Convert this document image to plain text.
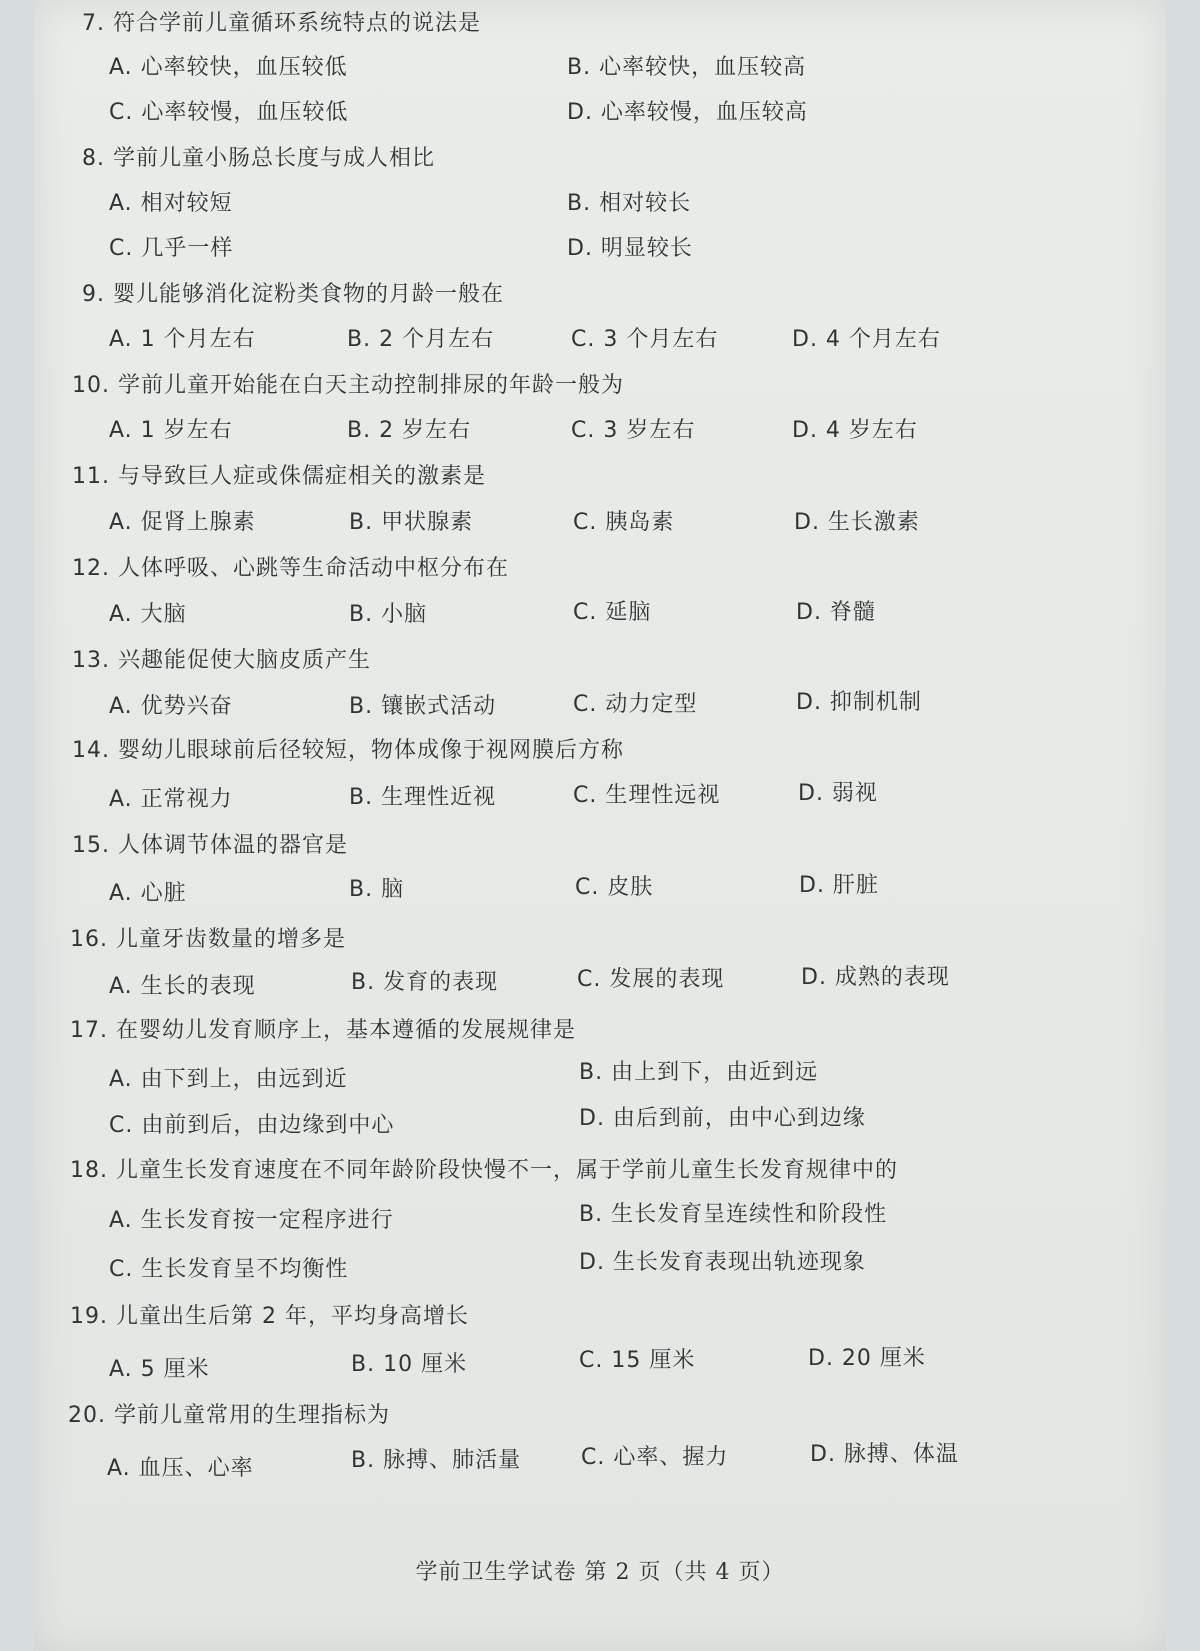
7. 符合学前儿童循环系统特点的说法是
A. 心率较快，血压较低	B. 心率较快，血压较高
C. 心率较慢，血压较低	D. 心率较慢，血压较高
8. 学前儿童小肠总长度与成人相比
A. 相对较短	B. 相对较长
C. 几乎一样	D. 明显较长
9. 婴儿能够消化淀粉类食物的月龄一般在
A. 1 个月左右	B. 2 个月左右	C. 3 个月左右	D. 4 个月左右
10. 学前儿童开始能在白天主动控制排尿的年龄一般为
A. 1 岁左右	B. 2 岁左右	C. 3 岁左右	D. 4 岁左右
11. 与导致巨人症或侏儒症相关的激素是
A. 促肾上腺素	B. 甲状腺素	C. 胰岛素	D. 生长激素
12. 人体呼吸、心跳等生命活动中枢分布在
A. 大脑	B. 小脑	C. 延脑	D. 脊髓
13. 兴趣能促使大脑皮质产生
A. 优势兴奋	B. 镶嵌式活动	C. 动力定型	D. 抑制机制
14. 婴幼儿眼球前后径较短，物体成像于视网膜后方称
A. 正常视力	B. 生理性近视	C. 生理性远视	D. 弱视
15. 人体调节体温的器官是
A. 心脏	B. 脑	C. 皮肤	D. 肝脏
16. 儿童牙齿数量的增多是
A. 生长的表现	B. 发育的表现	C. 发展的表现	D. 成熟的表现
17. 在婴幼儿发育顺序上，基本遵循的发展规律是
A. 由下到上，由远到近	B. 由上到下，由近到远
C. 由前到后，由边缘到中心	D. 由后到前，由中心到边缘
18. 儿童生长发育速度在不同年龄阶段快慢不一，属于学前儿童生长发育规律中的
A. 生长发育按一定程序进行	B. 生长发育呈连续性和阶段性
C. 生长发育呈不均衡性	D. 生长发育表现出轨迹现象
19. 儿童出生后第 2 年，平均身高增长
A. 5 厘米	B. 10 厘米	C. 15 厘米	D. 20 厘米
20. 学前儿童常用的生理指标为
A. 血压、心率	B. 脉搏、肺活量	C. 心率、握力	D. 脉搏、体温
学前卫生学试卷 第 2 页（共 4 页）
